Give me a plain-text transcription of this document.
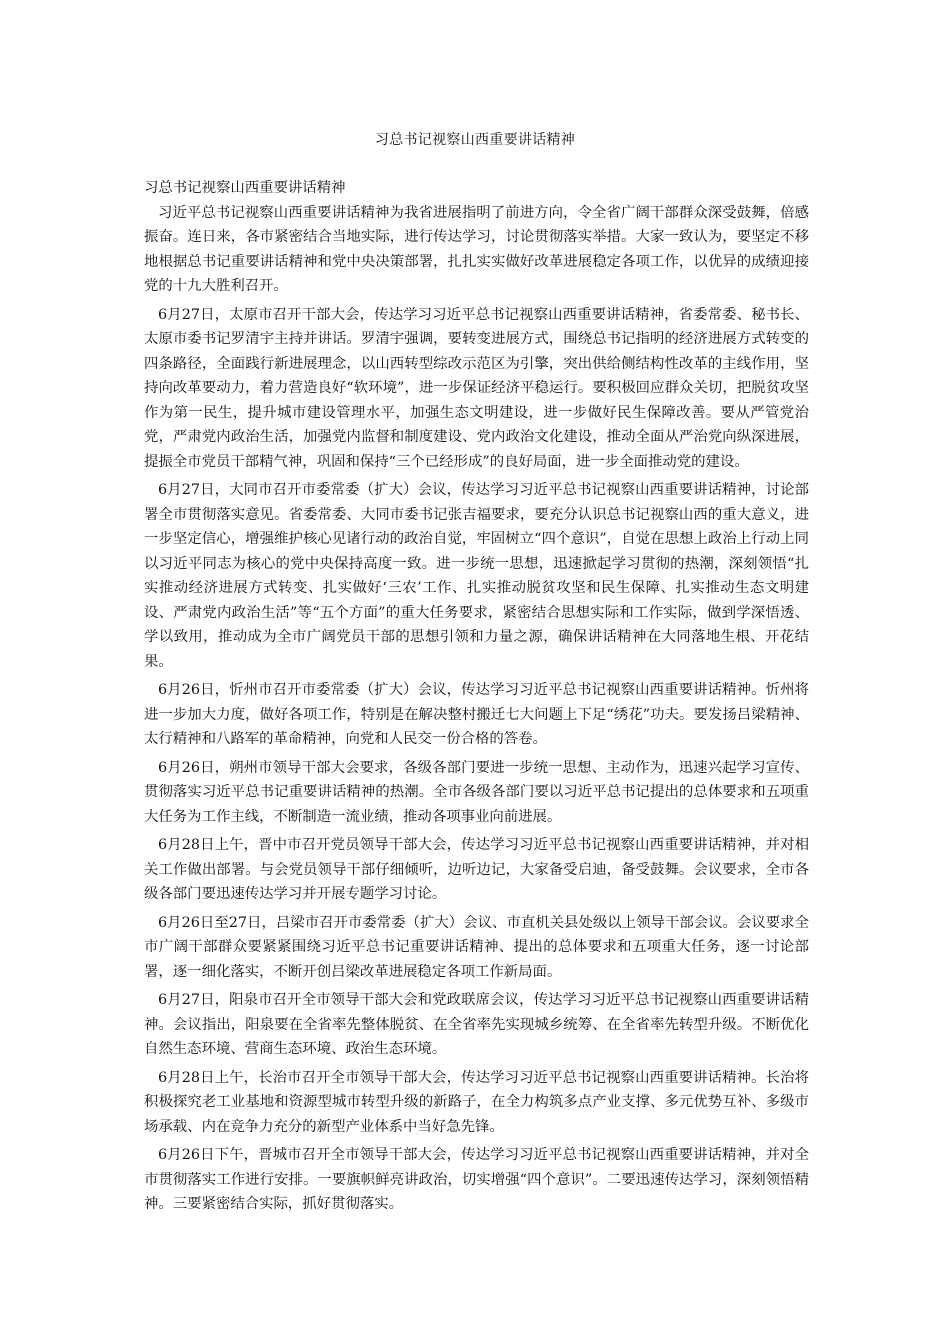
习总书记视察山西重要讲话精神

习总书记视察山西重要讲话精神

习近平总书记视察山西重要讲话精神为我省进展指明了前进方向，令全省广阔干部群众深受鼓舞，倍感振奋。连日来，各市紧密结合当地实际，进行传达学习，讨论贯彻落实举措。大家一致认为，要坚定不移地根据总书记重要讲话精神和党中央决策部署，扎扎实实做好改革进展稳定各项工作，以优异的成绩迎接党的十九大胜利召开。

6月27日，太原市召开干部大会，传达学习习近平总书记视察山西重要讲话精神，省委常委、秘书长、太原市委书记罗清宇主持并讲话。罗清宇强调，要转变进展方式，围绕总书记指明的经济进展方式转变的四条路径，全面践行新进展理念，以山西转型综改示范区为引擎，突出供给侧结构性改革的主线作用，坚持向改革要动力，着力营造良好“软环境”，进一步保证经济平稳运行。要积极回应群众关切，把脱贫攻坚作为第一民生，提升城市建设管理水平，加强生态文明建设，进一步做好民生保障改善。要从严管党治党，严肃党内政治生活，加强党内监督和制度建设、党内政治文化建设，推动全面从严治党向纵深进展，提振全市党员干部精气神，巩固和保持“三个已经形成”的良好局面，进一步全面推动党的建设。

6月27日，大同市召开市委常委（扩大）会议，传达学习习近平总书记视察山西重要讲话精神，讨论部署全市贯彻落实意见。省委常委、大同市委书记张吉福要求，要充分认识总书记视察山西的重大意义，进一步坚定信心，增强维护核心见诸行动的政治自觉，牢固树立“四个意识”，自觉在思想上政治上行动上同以习近平同志为核心的党中央保持高度一致。进一步统一思想，迅速掀起学习贯彻的热潮，深刻领悟“扎实推动经济进展方式转变、扎实做好‘三农’工作、扎实推动脱贫攻坚和民生保障、扎实推动生态文明建设、严肃党内政治生活”等“五个方面”的重大任务要求，紧密结合思想实际和工作实际，做到学深悟透、学以致用，推动成为全市广阔党员干部的思想引领和力量之源，确保讲话精神在大同落地生根、开花结果。

6月26日，忻州市召开市委常委（扩大）会议，传达学习习近平总书记视察山西重要讲话精神。忻州将进一步加大力度，做好各项工作，特别是在解决整村搬迁七大问题上下足“绣花”功夫。要发扬吕梁精神、太行精神和八路军的革命精神，向党和人民交一份合格的答卷。

6月26日，朔州市领导干部大会要求，各级各部门要进一步统一思想、主动作为，迅速兴起学习宣传、贯彻落实习近平总书记重要讲话精神的热潮。全市各级各部门要以习近平总书记提出的总体要求和五项重大任务为工作主线，不断制造一流业绩，推动各项事业向前进展。

6月28日上午，晋中市召开党员领导干部大会，传达学习习近平总书记视察山西重要讲话精神，并对相关工作做出部署。与会党员领导干部仔细倾听，边听边记，大家备受启迪，备受鼓舞。会议要求，全市各级各部门要迅速传达学习并开展专题学习讨论。

6月26日至27日，吕梁市召开市委常委（扩大）会议、市直机关县处级以上领导干部会议。会议要求全市广阔干部群众要紧紧围绕习近平总书记重要讲话精神、提出的总体要求和五项重大任务，逐一讨论部署，逐一细化落实，不断开创吕梁改革进展稳定各项工作新局面。

6月27日，阳泉市召开全市领导干部大会和党政联席会议，传达学习习近平总书记视察山西重要讲话精神。会议指出，阳泉要在全省率先整体脱贫、在全省率先实现城乡统筹、在全省率先转型升级。不断优化自然生态环境、营商生态环境、政治生态环境。

6月28日上午，长治市召开全市领导干部大会，传达学习习近平总书记视察山西重要讲话精神。长治将积极探究老工业基地和资源型城市转型升级的新路子，在全力构筑多点产业支撑、多元优势互补、多级市场承载、内在竞争力充分的新型产业体系中当好急先锋。

6月26日下午，晋城市召开全市领导干部大会，传达学习习近平总书记视察山西重要讲话精神，并对全市贯彻落实工作进行安排。一要旗帜鲜亮讲政治，切实增强“四个意识”。二要迅速传达学习，深刻领悟精神。三要紧密结合实际，抓好贯彻落实。
